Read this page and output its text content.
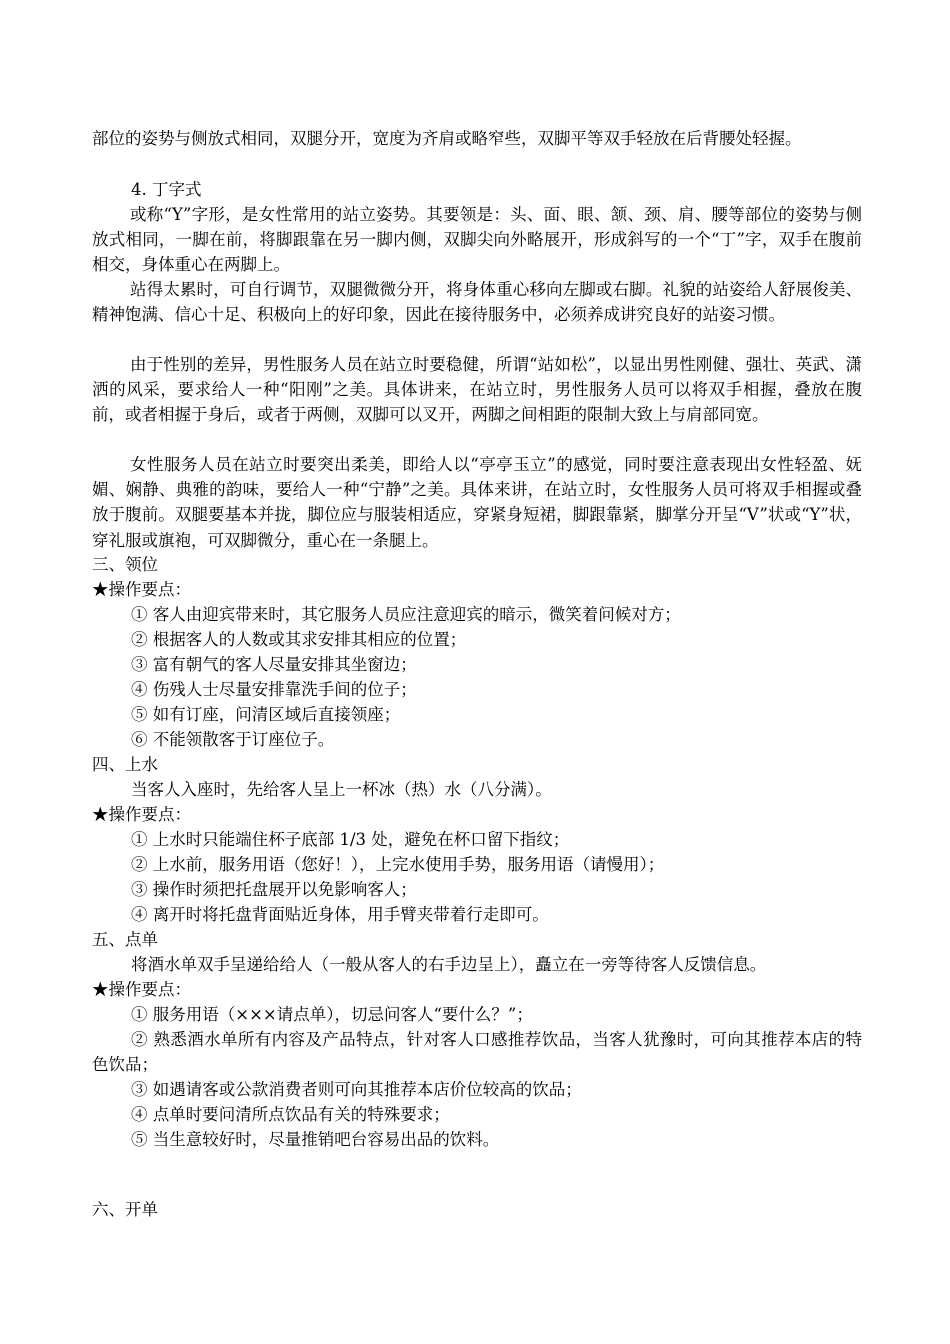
部位的姿势与侧放式相同，双腿分开，宽度为齐肩或略窄些，双脚平等双手轻放在后背腰处轻握。

4. 丁字式

或称“Y”字形，是女性常用的站立姿势。其要领是：头、面、眼、颔、颈、肩、腰等部位的姿势与侧放式相同，一脚在前，将脚跟靠在另一脚内侧，双脚尖向外略展开，形成斜写的一个“丁”字，双手在腹前相交，身体重心在两脚上。

站得太累时，可自行调节，双腿微微分开，将身体重心移向左脚或右脚。礼貌的站姿给人舒展俊美、精神饱满、信心十足、积极向上的好印象，因此在接待服务中，必须养成讲究良好的站姿习惯。

由于性别的差异，男性服务人员在站立时要稳健，所谓“站如松”，以显出男性刚健、强壮、英武、潇洒的风采，要求给人一种“阳刚”之美。具体讲来，在站立时，男性服务人员可以将双手相握，叠放在腹前，或者相握于身后，或者于两侧，双脚可以叉开，两脚之间相距的限制大致上与肩部同宽。

女性服务人员在站立时要突出柔美，即给人以“亭亭玉立”的感觉，同时要注意表现出女性轻盈、妩媚、娴静、典雅的韵味，要给人一种“宁静”之美。具体来讲，在站立时，女性服务人员可将双手相握或叠放于腹前。双腿要基本并拢，脚位应与服装相适应，穿紧身短裙，脚跟靠紧，脚掌分开呈“V”状或“Y”状，穿礼服或旗袍，可双脚微分，重心在一条腿上。

三、领位

★操作要点：

① 客人由迎宾带来时，其它服务人员应注意迎宾的暗示，微笑着问候对方；

② 根据客人的人数或其求安排其相应的位置；

③ 富有朝气的客人尽量安排其坐窗边；

④ 伤残人士尽量安排靠洗手间的位子；

⑤ 如有订座，问清区域后直接领座；

⑥ 不能领散客于订座位子。

四、上水

当客人入座时，先给客人呈上一杯冰（热）水（八分满）。

★操作要点：

① 上水时只能端住杯子底部 1/3 处，避免在杯口留下指纹；

② 上水前，服务用语（您好！），上完水使用手势，服务用语（请慢用）；

③ 操作时须把托盘展开以免影响客人；

④ 离开时将托盘背面贴近身体，用手臂夹带着行走即可。

五、点单

将酒水单双手呈递给给人（一般从客人的右手边呈上），矗立在一旁等待客人反馈信息。

★操作要点：

① 服务用语（×××请点单），切忌问客人“要什么？”；

② 熟悉酒水单所有内容及产品特点，针对客人口感推荐饮品，当客人犹豫时，可向其推荐本店的特色饮品；

③ 如遇请客或公款消费者则可向其推荐本店价位较高的饮品；

④ 点单时要问清所点饮品有关的特殊要求；

⑤ 当生意较好时，尽量推销吧台容易出品的饮料。

六、开单
